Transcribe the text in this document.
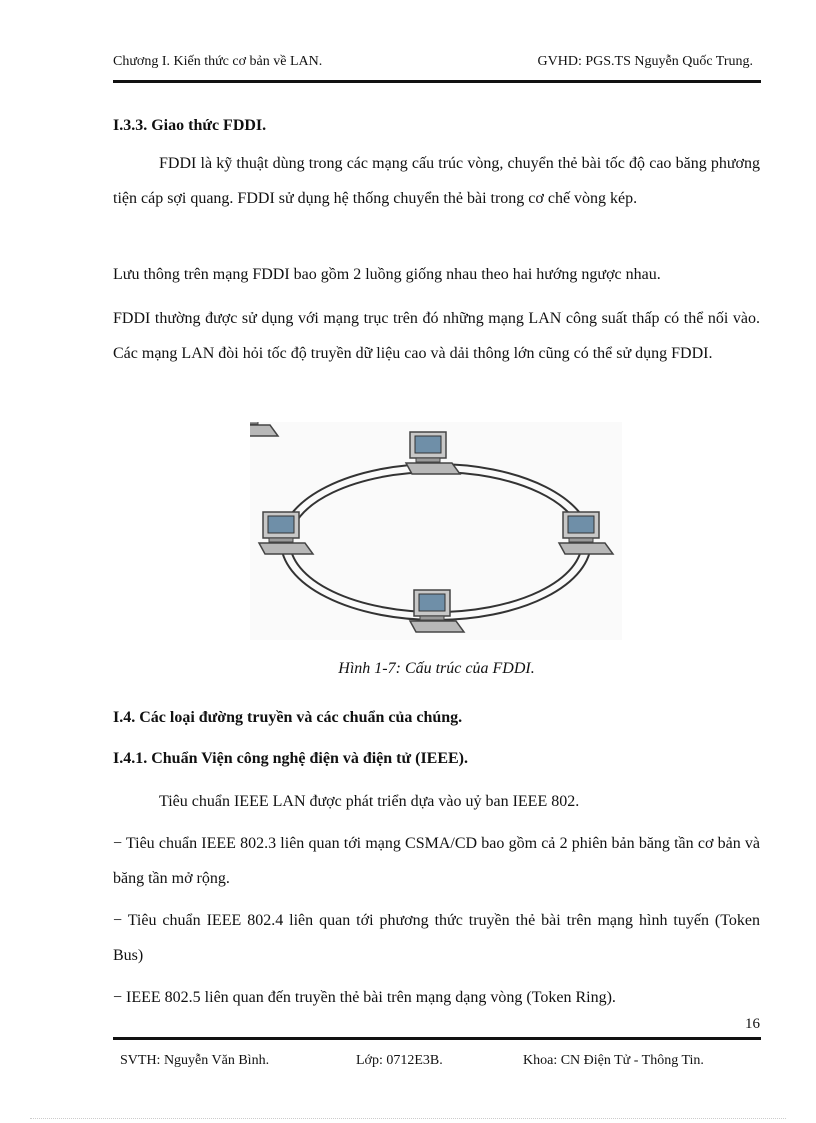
Chương I. Kiến thức cơ bản về LAN.	GVHD: PGS.TS Nguyễn Quốc Trung.
I.3.3. Giao thức FDDI.
FDDI là kỹ thuật dùng trong các mạng cấu trúc vòng, chuyển thẻ bài tốc độ cao băng phương tiện cáp sợi quang. FDDI sử dụng hệ thống chuyển thẻ bài trong cơ chế vòng kép.
Lưu thông trên mạng FDDI bao gồm 2 luồng giống nhau theo hai hướng ngược nhau.
FDDI thường được sử dụng với mạng trục trên đó những mạng LAN công suất thấp có thể nối vào. Các mạng LAN đòi hỏi tốc độ truyền dữ liệu cao và dải thông lớn cũng có thể sử dụng FDDI.
Hình 1-7: Cấu trúc của FDDI.
I.4. Các loại đường truyền và các chuẩn của chúng.
I.4.1. Chuẩn Viện công nghệ điện và điện tử (IEEE).
Tiêu chuẩn IEEE LAN được phát triển dựa vào uỷ ban IEEE 802.
− Tiêu chuẩn IEEE 802.3 liên quan tới mạng CSMA/CD bao gồm cả 2 phiên bản băng tần cơ bản và băng tần mở rộng.
− Tiêu chuẩn IEEE 802.4 liên quan tới phương thức truyền thẻ bài trên mạng hình tuyến (Token Bus)
− IEEE 802.5 liên quan đến truyền thẻ bài trên mạng dạng vòng (Token Ring).
16
SVTH: Nguyễn Văn Bình.	Lớp: 0712E3B.	Khoa: CN Điện Tử - Thông Tin.
